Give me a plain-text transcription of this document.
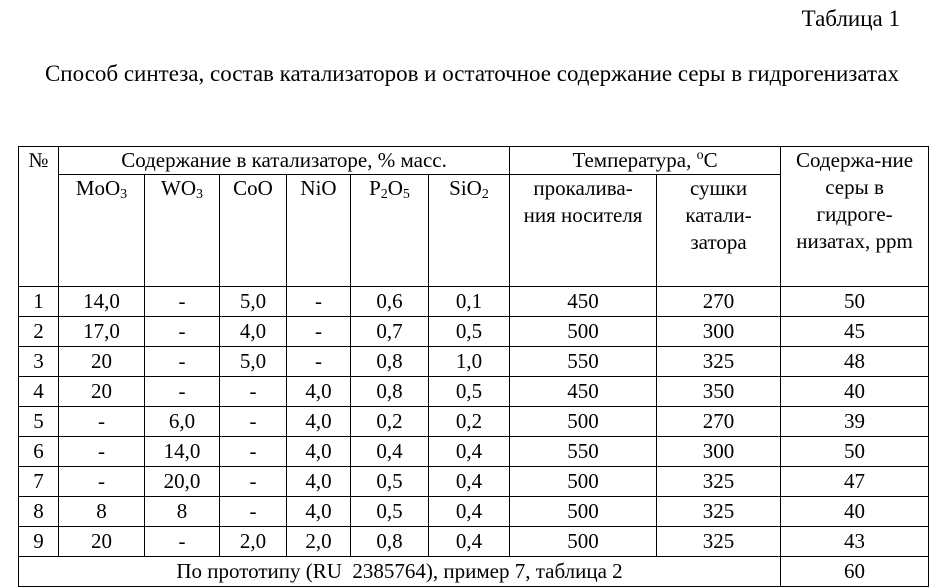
Таблица 1
Способ синтеза, состав катализаторов и остаточное содержание серы в гидрогенизатах
№	Содержание в катализаторе, % масс.						Температура, $^o$С		Содержа-ние серы в гидроге-низатах, ppm
	MoO$_3$	$WO_3$	CoO	NiO	$P_2O_5$	SiO$_2$	прокалива-ния носителя	сушки катали-затора	
1	14,0	-	5,0	-	0,6	0,1	450	270	50
2	17,0	-	4,0	-	0,7	0,5	500	300	45
3	20	-	5,0	-	0,8	1,0	550	325	48
4	20	-	-	4,0	0,8	0,5	450	350	40
5	-	6,0	-	4,0	0,2	0,2	500	270	39
6	-	14,0	-	4,0	0,4	0,4	550	300	50
7	-	20,0	-	4,0	0,5	0,4	500	325	47
8	8	8	-	4,0	0,5	0,4	500	325	40
9	20	-	2,0	2,0	0,8	0,4	500	325	43
По прототипу (RU  2385764), пример 7, таблица 2									60
